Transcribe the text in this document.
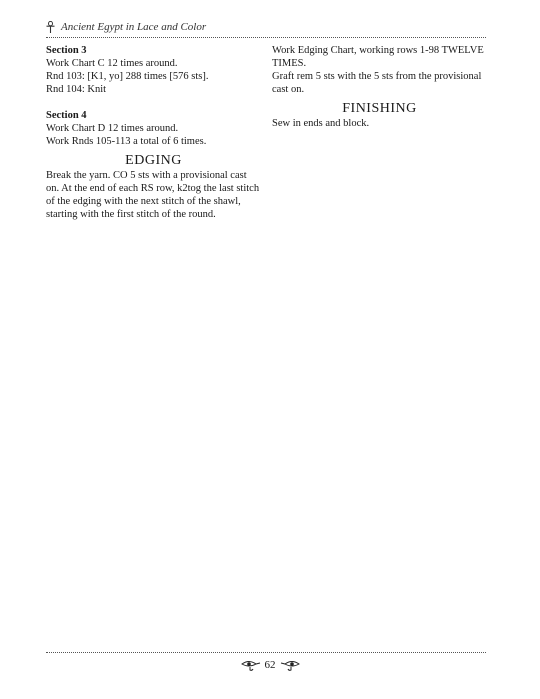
Ancient Egypt in Lace and Color

Section 3

Work Chart C 12 times around.

Rnd 103: [K1, yo] 288 times [576 sts].

Rnd 104: Knit

Section 4

Work Chart D 12 times around.

Work Rnds 105-113 a total of 6 times.

EDGING

Break the yarn. CO 5 sts with a provisional cast on. At the end of each RS row, k2tog the last stitch of the edging with the next stitch of the shawl, starting with the first stitch of the round.

Work Edging Chart, working rows 1-98 TWELVE TIMES.

Graft rem 5 sts with the 5 sts from the provisional cast on.

FINISHING

Sew in ends and block.

62
